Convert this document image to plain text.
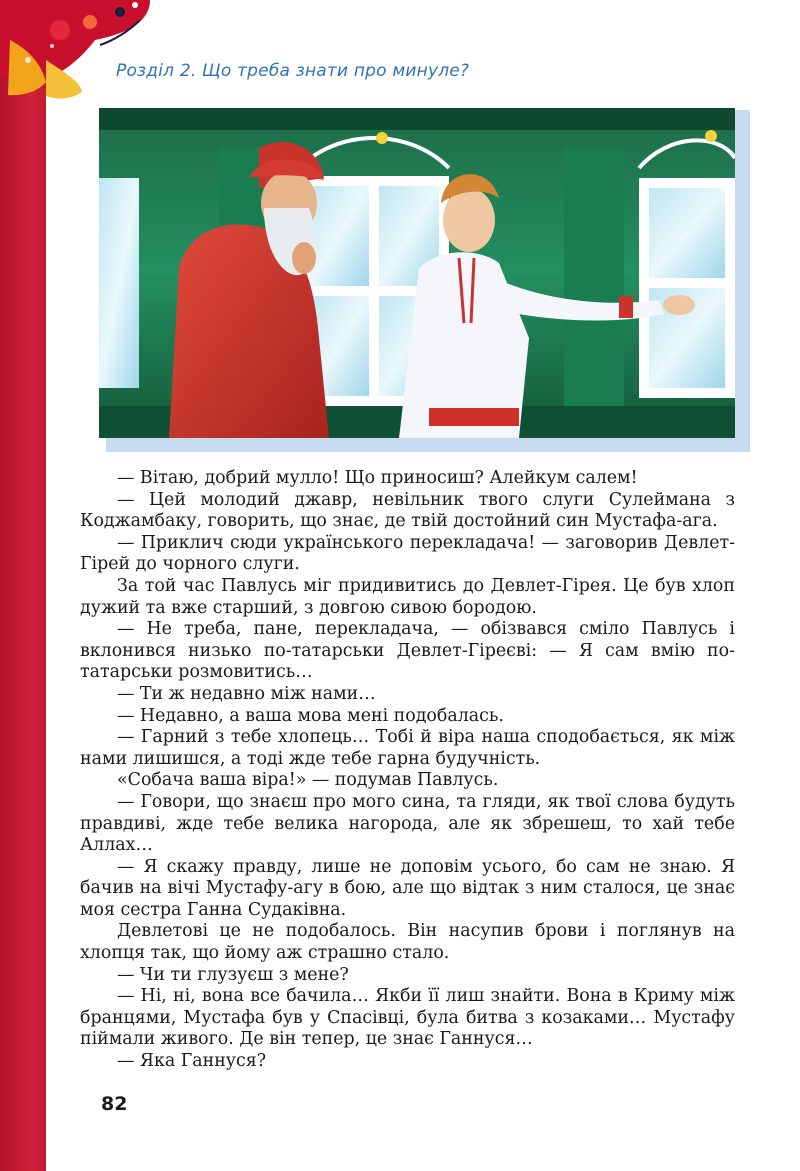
Розділ 2. Що треба знати про минуле?

— Вітаю, добрий мулло! Що приносиш? Алейкум салем!

— Цей молодий джавр, невільник твого слуги Сулеймана з Коджамбаку, говорить, що знає, де твій достойний син Мустафа-ага.

— Приклич сюди українського перекладача! — заговорив Девлет-Гірей до чорного слуги.

За той час Павлусь міг придивитись до Девлет-Гірея. Це був хлоп дужий та вже старший, з довгою сивою бородою.

— Не треба, пане, перекладача, — обізвався сміло Павлусь і вклонився низько по-татарськи Девлет-Гіреєві: — Я сам вмію по-татарськи розмовитись…

— Ти ж недавно між нами…

— Недавно, а ваша мова мені подобалась.

— Гарний з тебе хлопець… Тобі й віра наша сподобається, як між нами лишишся, а тоді жде тебе гарна будучність.

«Собача ваша віра!» — подумав Павлусь.

— Говори, що знаєш про мого сина, та гляди, як твої слова будуть правдиві, жде тебе велика нагорода, але як збрешеш, то хай тебе Аллах…

— Я скажу правду, лише не доповім усього, бо сам не знаю. Я бачив на вічі Мустафу-агу в бою, але що відтак з ним сталося, це знає моя сестра Ганна Судаківна.

Девлетові це не подобалось. Він насупив брови і поглянув на хлопця так, що йому аж страшно стало.

— Чи ти глузуєш з мене?

— Ні, ні, вона все бачила… Якби її лиш знайти. Вона в Криму між бранцями, Мустафа був у Спасівці, була битва з козаками… Мустафу піймали живого. Де він тепер, це знає Ганнуся…

— Яка Ганнуся?

82
